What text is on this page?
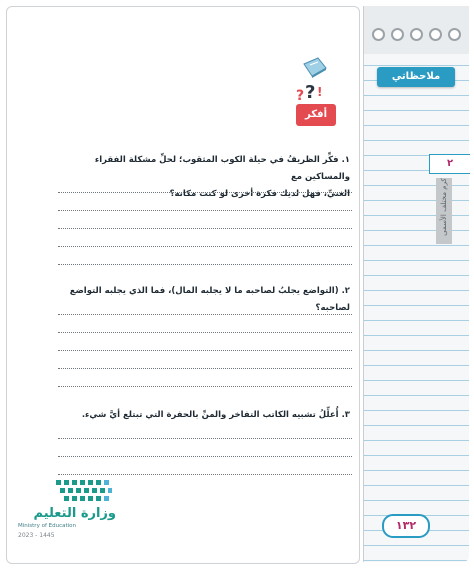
? ? !
أفكر
١. فكِّر الظريفُ في حيلة الكوب المثقوب؛ لحلِّ مشكلة الفقراء والمساكين مع
الغنيِّ، فهل لديك فكرة أخرى لو كنت مكانه؟
٢. (التواضع يجلبُ لصاحبه ما لا يجلبه المال)، فما الذي يجلبه التواضع لصاحبه؟
٣. أُعلِّلُ تشبيه الكاتب التفاخر والمنِّ بالحفرة التي تبتلع أيَّ شيء.
وزارة التعليم
Ministry of Education
2023 - 1445
ملاحظاتي
٢
كرم مختلف الأسمى
١٣٢
